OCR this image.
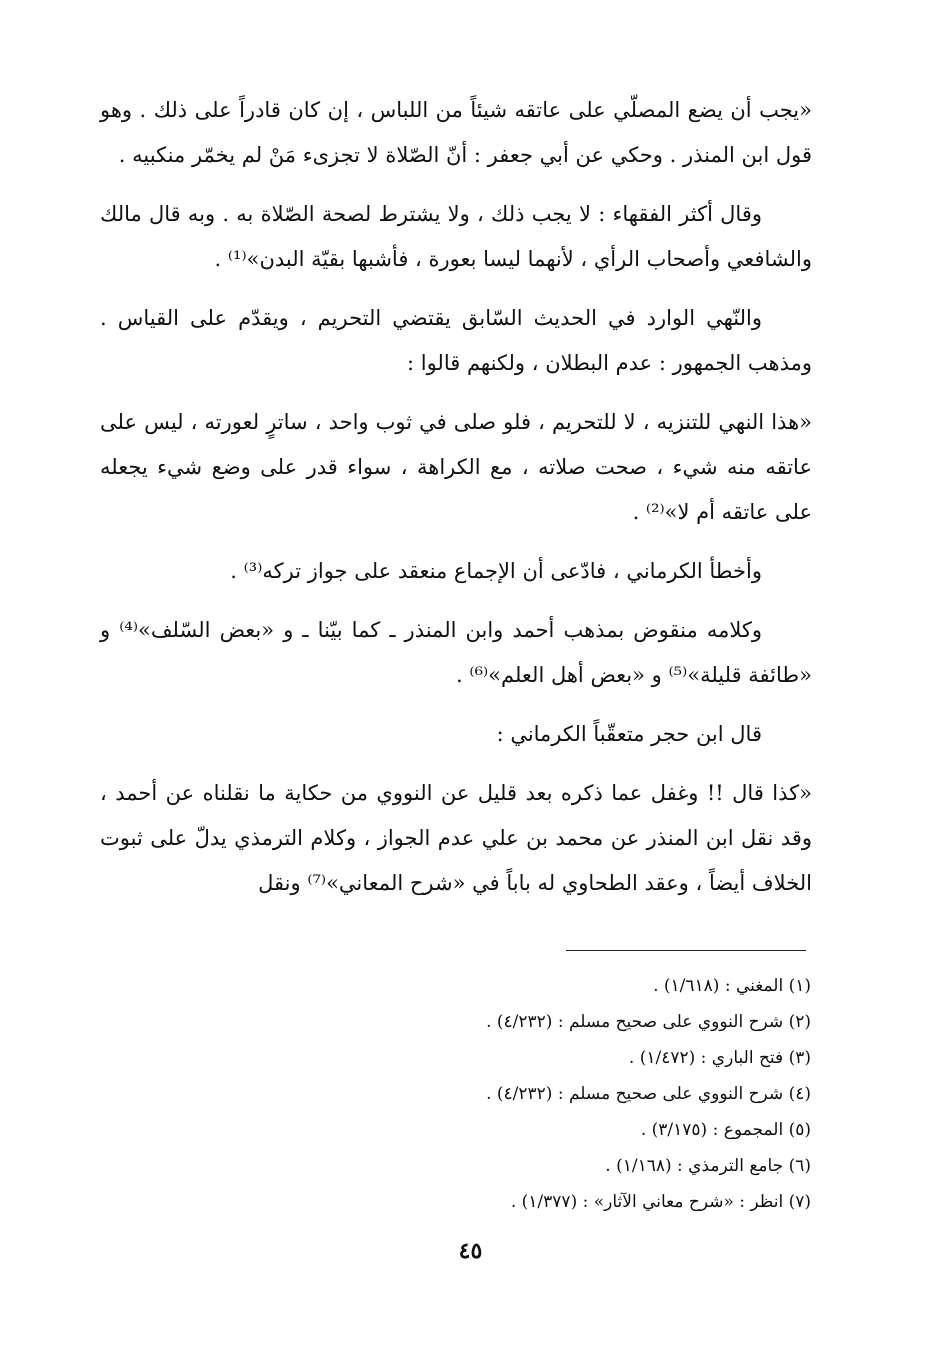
«يجب أن يضع المصلّي على عاتقه شيئاً من اللباس ، إن كان قادراً على ذلك . وهو قول ابن المنذر . وحكي عن أبي جعفر : أنّ الصّلاة لا تجزىء مَنْ لم يخمّر منكبيه .

وقال أكثر الفقهاء : لا يجب ذلك ، ولا يشترط لصحة الصّلاة به . وبه قال مالك والشافعي وأصحاب الرأي ، لأنهما ليسا بعورة ، فأشبها بقيّة البدن»⁽¹⁾ .

والنّهي الوارد في الحديث السّابق يقتضي التحريم ، ويقدّم على القياس . ومذهب الجمهور : عدم البطلان ، ولكنهم قالوا :

«هذا النهي للتنزيه ، لا للتحريم ، فلو صلى في ثوب واحد ، ساترٍ لعورته ، ليس على عاتقه منه شيء ، صحت صلاته ، مع الكراهة ، سواء قدر على وضع شيء يجعله على عاتقه أم لا»⁽²⁾ .

وأخطأ الكرماني ، فادّعى أن الإجماع منعقد على جواز تركه⁽³⁾ .

وكلامه منقوض بمذهب أحمد وابن المنذر ـ كما بيّنا ـ و «بعض السّلف»⁽⁴⁾ و «طائفة قليلة»⁽⁵⁾ و «بعض أهل العلم»⁽⁶⁾ .

قال ابن حجر متعقّباً الكرماني :

«كذا قال !! وغفل عما ذكره بعد قليل عن النووي من حكاية ما نقلناه عن أحمد ، وقد نقل ابن المنذر عن محمد بن علي عدم الجواز ، وكلام الترمذي يدلّ على ثبوت الخلاف أيضاً ، وعقد الطحاوي له باباً في «شرح المعاني»⁽⁷⁾ ونقل

(١) المغني : (١/٦١٨) .

(٢) شرح النووي على صحيح مسلم : (٤/٢٣٢) .

(٣) فتح الباري : (١/٤٧٢) .

(٤) شرح النووي على صحيح مسلم : (٤/٢٣٢) .

(٥) المجموع : (٣/١٧٥) .

(٦) جامع الترمذي : (١/١٦٨) .

(٧) انظر : «شرح معاني الآثار» : (١/٣٧٧) .

٤٥
